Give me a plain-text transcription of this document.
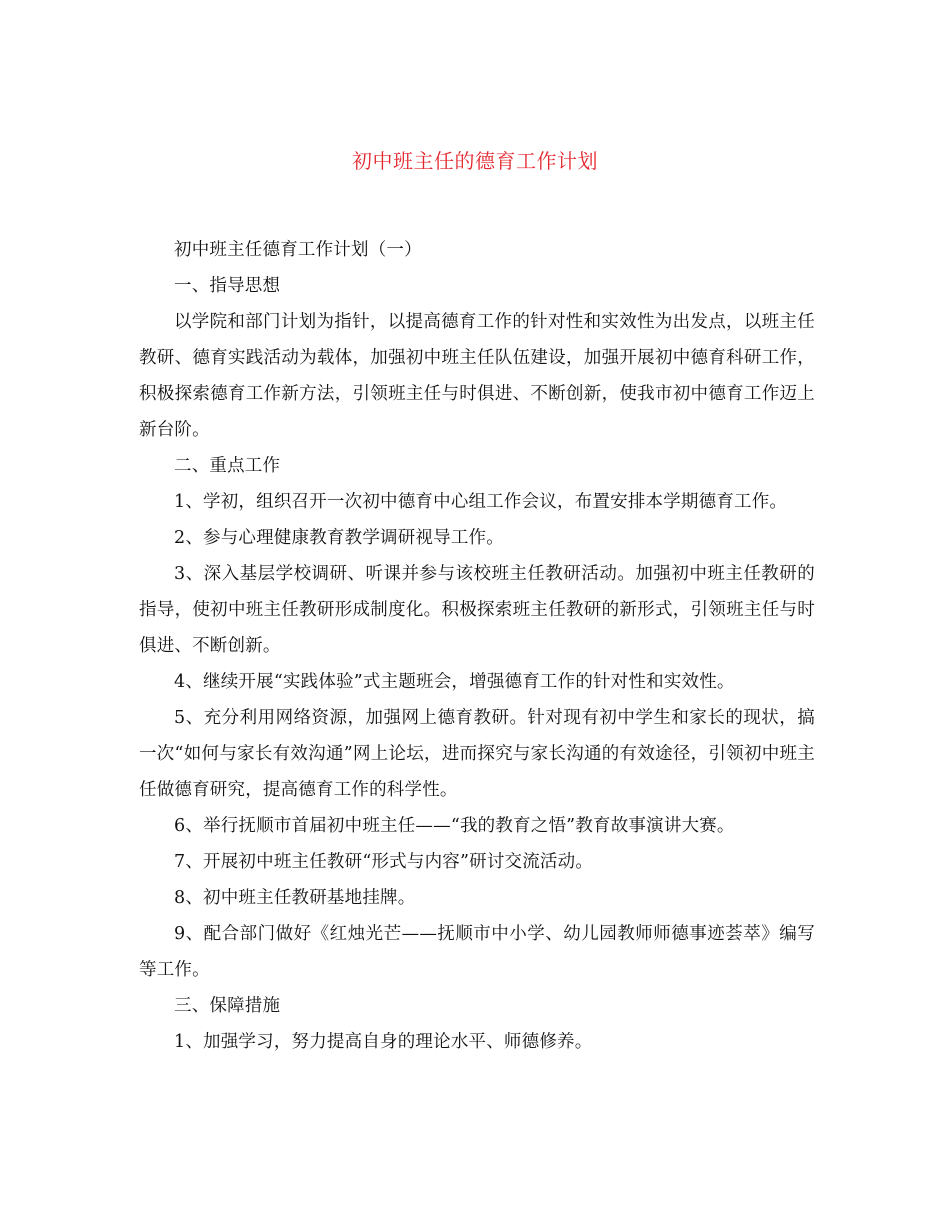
初中班主任的德育工作计划

初中班主任德育工作计划（一）

一、指导思想

以学院和部门计划为指针，以提高德育工作的针对性和实效性为出发点，以班主任教研、德育实践活动为载体，加强初中班主任队伍建设，加强开展初中德育科研工作，积极探索德育工作新方法，引领班主任与时俱进、不断创新，使我市初中德育工作迈上新台阶。

二、重点工作

1、学初，组织召开一次初中德育中心组工作会议，布置安排本学期德育工作。

2、参与心理健康教育教学调研视导工作。

3、深入基层学校调研、听课并参与该校班主任教研活动。加强初中班主任教研的指导，使初中班主任教研形成制度化。积极探索班主任教研的新形式，引领班主任与时俱进、不断创新。

4、继续开展“实践体验”式主题班会，增强德育工作的针对性和实效性。

5、充分利用网络资源，加强网上德育教研。针对现有初中学生和家长的现状，搞一次“如何与家长有效沟通”网上论坛，进而探究与家长沟通的有效途径，引领初中班主任做德育研究，提高德育工作的科学性。

6、举行抚顺市首届初中班主任——“我的教育之悟”教育故事演讲大赛。

7、开展初中班主任教研“形式与内容”研讨交流活动。

8、初中班主任教研基地挂牌。

9、配合部门做好《红烛光芒——抚顺市中小学、幼儿园教师师德事迹荟萃》编写等工作。

三、保障措施

1、加强学习，努力提高自身的理论水平、师德修养。
